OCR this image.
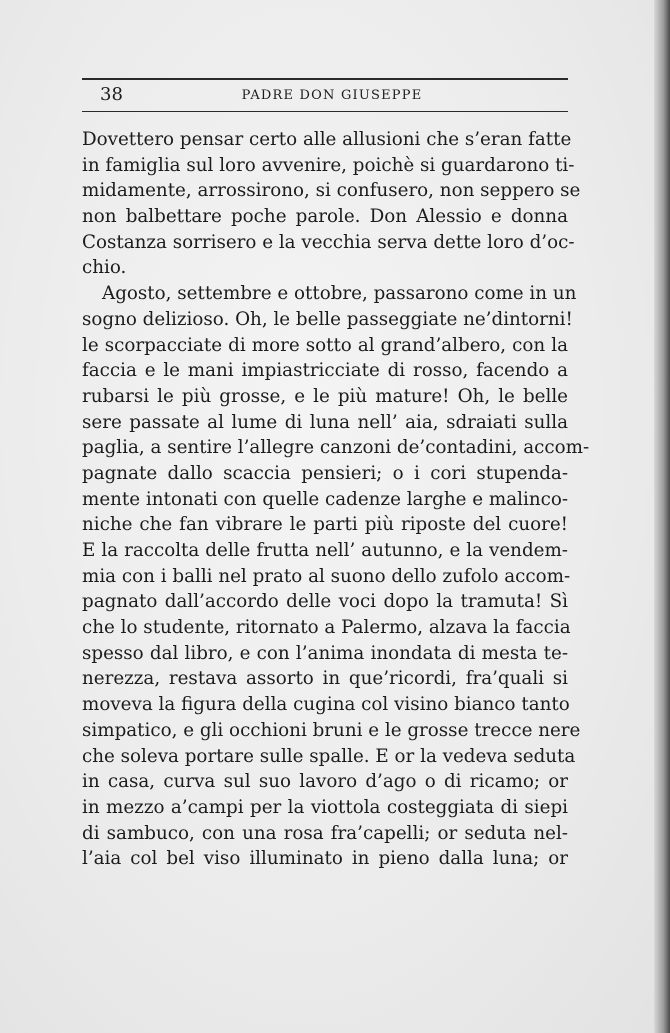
38	PADRE DON GIUSEPPE
Dovettero pensar certo alle allusioni che s’eran fatte
in famiglia sul loro avvenire, poichè si guardarono ti-
midamente, arrossirono, si confusero, non seppero se
non balbettare poche parole. Don Alessio e donna
Costanza sorrisero e la vecchia serva dette loro d’oc-
chio.
Agosto, settembre e ottobre, passarono come in un
sogno delizioso. Oh, le belle passeggiate ne’dintorni!
le scorpacciate di more sotto al grand’albero, con la
faccia e le mani impiastricciate di rosso, facendo a
rubarsi le più grosse, e le più mature! Oh, le belle
sere passate al lume di luna nell’ aia, sdraiati sulla
paglia, a sentire l’allegre canzoni de’contadini, accom-
pagnate dallo scaccia pensieri; o i cori stupenda-
mente intonati con quelle cadenze larghe e malinco-
niche che fan vibrare le parti più riposte del cuore!
E la raccolta delle frutta nell’ autunno, e la vendem-
mia con i balli nel prato al suono dello zufolo accom-
pagnato dall’accordo delle voci dopo la tramuta! Sì
che lo studente, ritornato a Palermo, alzava la faccia
spesso dal libro, e con l’anima inondata di mesta te-
nerezza, restava assorto in que’ricordi, fra’quali si
moveva la figura della cugina col visino bianco tanto
simpatico, e gli occhioni bruni e le grosse trecce nere
che soleva portare sulle spalle. E or la vedeva seduta
in casa, curva sul suo lavoro d’ago o di ricamo; or
in mezzo a’campi per la viottola costeggiata di siepi
di sambuco, con una rosa fra’capelli; or seduta nel-
l’aia col bel viso illuminato in pieno dalla luna; or
